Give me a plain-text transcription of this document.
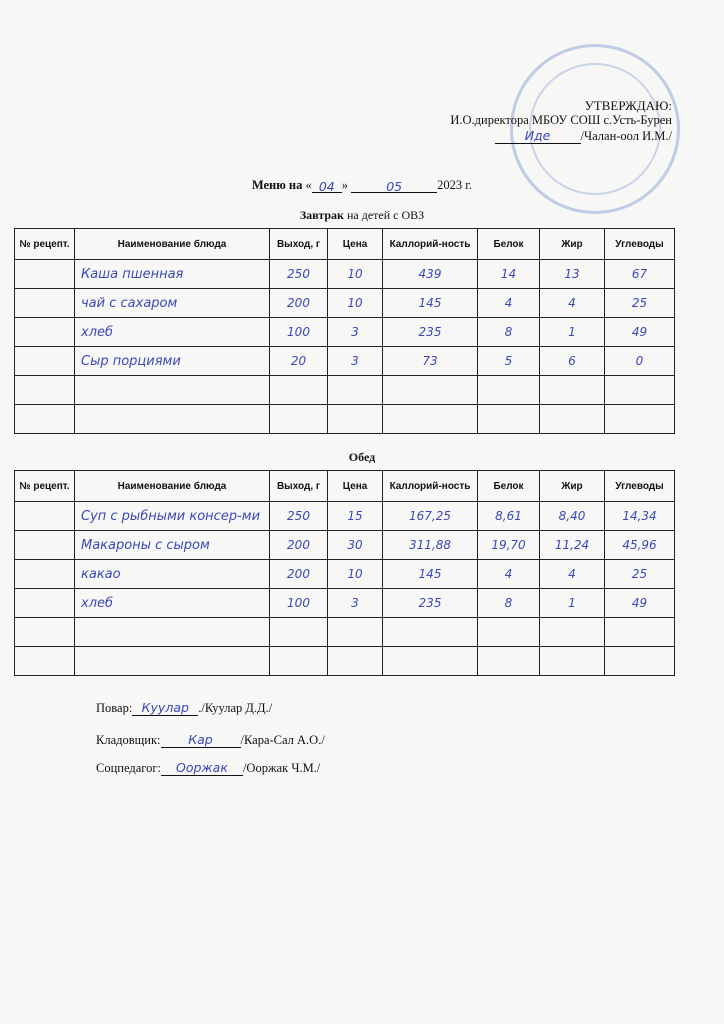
УТВЕРЖДАЮ:
И.О.директора МБОУ СОШ с.Усть-Бурен
Иде /Чалан-оол И.М./
Меню на « 04 »	05	2023 г.
Завтрак на детей с ОВЗ
№ рецепт.	Наименование блюда	Выход, г	Цена	Каллорий-ность	Белок	Жир	Углеводы
	Каша пшенная	250	10	439	14	13	67
	чай с сахаром	200	10	145	4	4	25
	хлеб	100	3	235	8	1	49
	Сыр порциями	20	3	73	5	6	0

Обед
№ рецепт.	Наименование блюда	Выход, г	Цена	Каллорий-ность	Белок	Жир	Углеводы
	Суп с рыбными консер-ми	250	15	167,25	8,61	8,40	14,34
	Макароны с сыром	200	30	311,88	19,70	11,24	45,96
	какао	200	10	145	4	4	25
	хлеб	100	3	235	8	1	49

Повар: Куулар ./Куулар Д.Д./
Кладовщик: Кар /Кара-Сал А.О./
Соцпедагог: Ооржак /Ооржак Ч.М./
